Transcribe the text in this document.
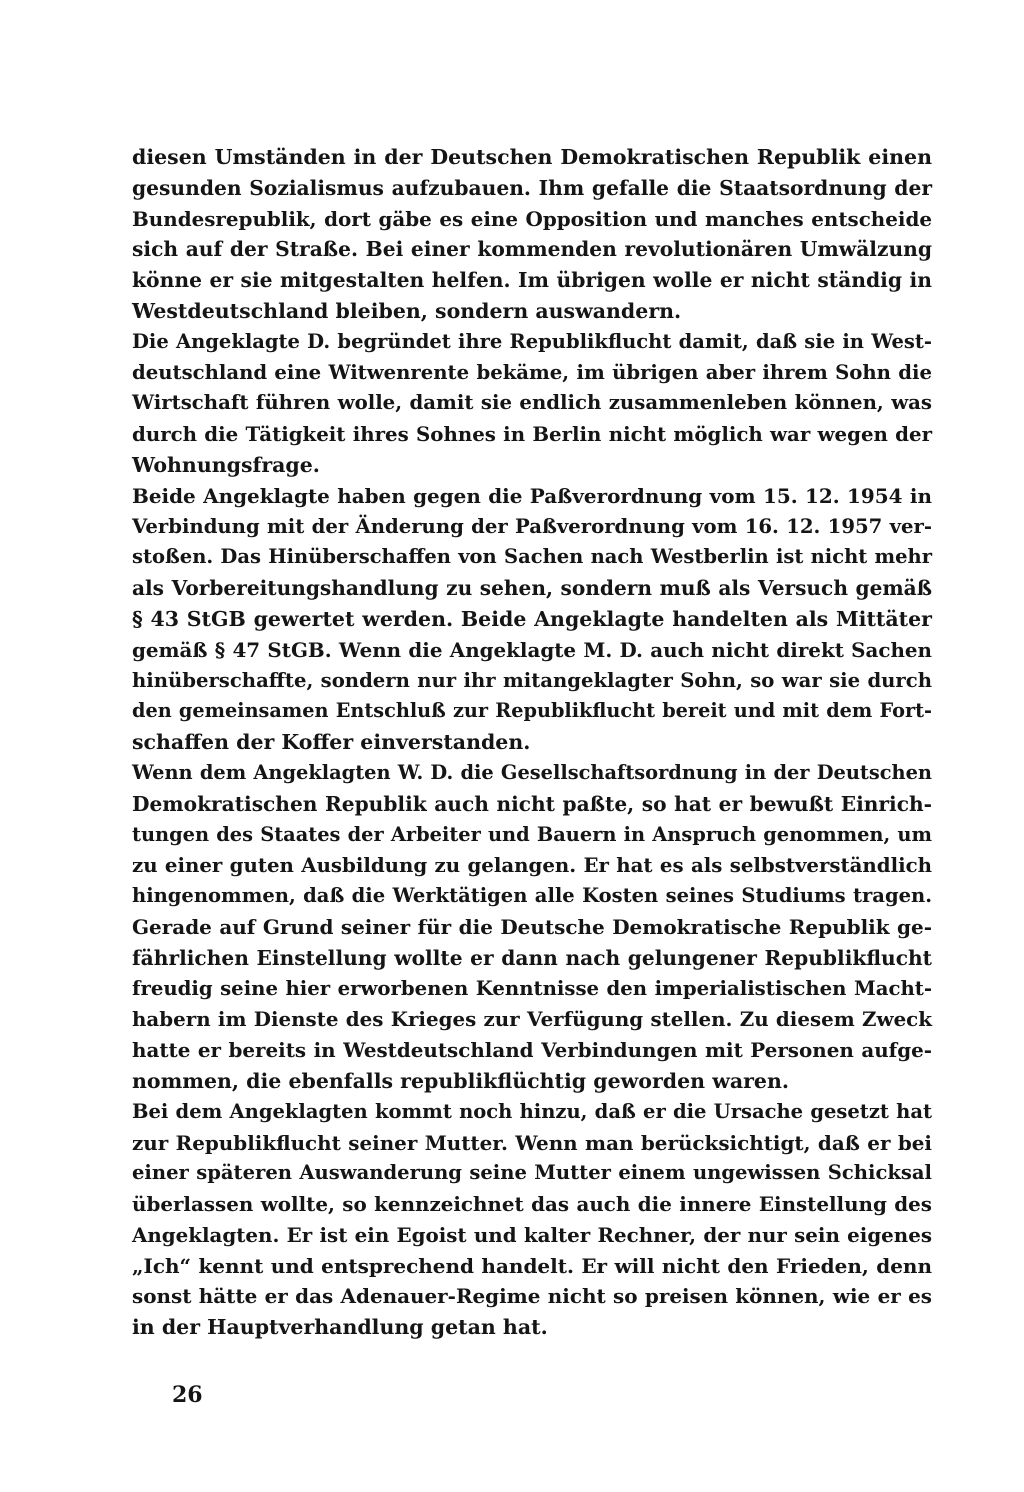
diesen Umständen in der Deutschen Demokratischen Republik einen
gesunden Sozialismus aufzubauen. Ihm gefalle die Staatsordnung der
Bundesrepublik, dort gäbe es eine Opposition und manches entscheide
sich auf der Straße. Bei einer kommenden revolutionären Umwälzung
könne er sie mitgestalten helfen. Im übrigen wolle er nicht ständig in
Westdeutschland bleiben, sondern auswandern.
Die Angeklagte D. begründet ihre Republikflucht damit, daß sie in West-
deutschland eine Witwenrente bekäme, im übrigen aber ihrem Sohn die
Wirtschaft führen wolle, damit sie endlich zusammenleben können, was
durch die Tätigkeit ihres Sohnes in Berlin nicht möglich war wegen der
Wohnungsfrage.
Beide Angeklagte haben gegen die Paßverordnung vom 15. 12. 1954 in
Verbindung mit der Änderung der Paßverordnung vom 16. 12. 1957 ver-
stoßen. Das Hinüberschaffen von Sachen nach Westberlin ist nicht mehr
als Vorbereitungshandlung zu sehen, sondern muß als Versuch gemäß
§ 43 StGB gewertet werden. Beide Angeklagte handelten als Mittäter
gemäß § 47 StGB. Wenn die Angeklagte M. D. auch nicht direkt Sachen
hinüberschaffte, sondern nur ihr mitangeklagter Sohn, so war sie durch
den gemeinsamen Entschluß zur Republikflucht bereit und mit dem Fort-
schaffen der Koffer einverstanden.
Wenn dem Angeklagten W. D. die Gesellschaftsordnung in der Deutschen
Demokratischen Republik auch nicht paßte, so hat er bewußt Einrich-
tungen des Staates der Arbeiter und Bauern in Anspruch genommen, um
zu einer guten Ausbildung zu gelangen. Er hat es als selbstverständlich
hingenommen, daß die Werktätigen alle Kosten seines Studiums tragen.
Gerade auf Grund seiner für die Deutsche Demokratische Republik ge-
fährlichen Einstellung wollte er dann nach gelungener Republikflucht
freudig seine hier erworbenen Kenntnisse den imperialistischen Macht-
habern im Dienste des Krieges zur Verfügung stellen. Zu diesem Zweck
hatte er bereits in Westdeutschland Verbindungen mit Personen aufge-
nommen, die ebenfalls republikflüchtig geworden waren.
Bei dem Angeklagten kommt noch hinzu, daß er die Ursache gesetzt hat
zur Republikflucht seiner Mutter. Wenn man berücksichtigt, daß er bei
einer späteren Auswanderung seine Mutter einem ungewissen Schicksal
überlassen wollte, so kennzeichnet das auch die innere Einstellung des
Angeklagten. Er ist ein Egoist und kalter Rechner, der nur sein eigenes
„Ich“ kennt und entsprechend handelt. Er will nicht den Frieden, denn
sonst hätte er das Adenauer-Regime nicht so preisen können, wie er es
in der Hauptverhandlung getan hat.
26
